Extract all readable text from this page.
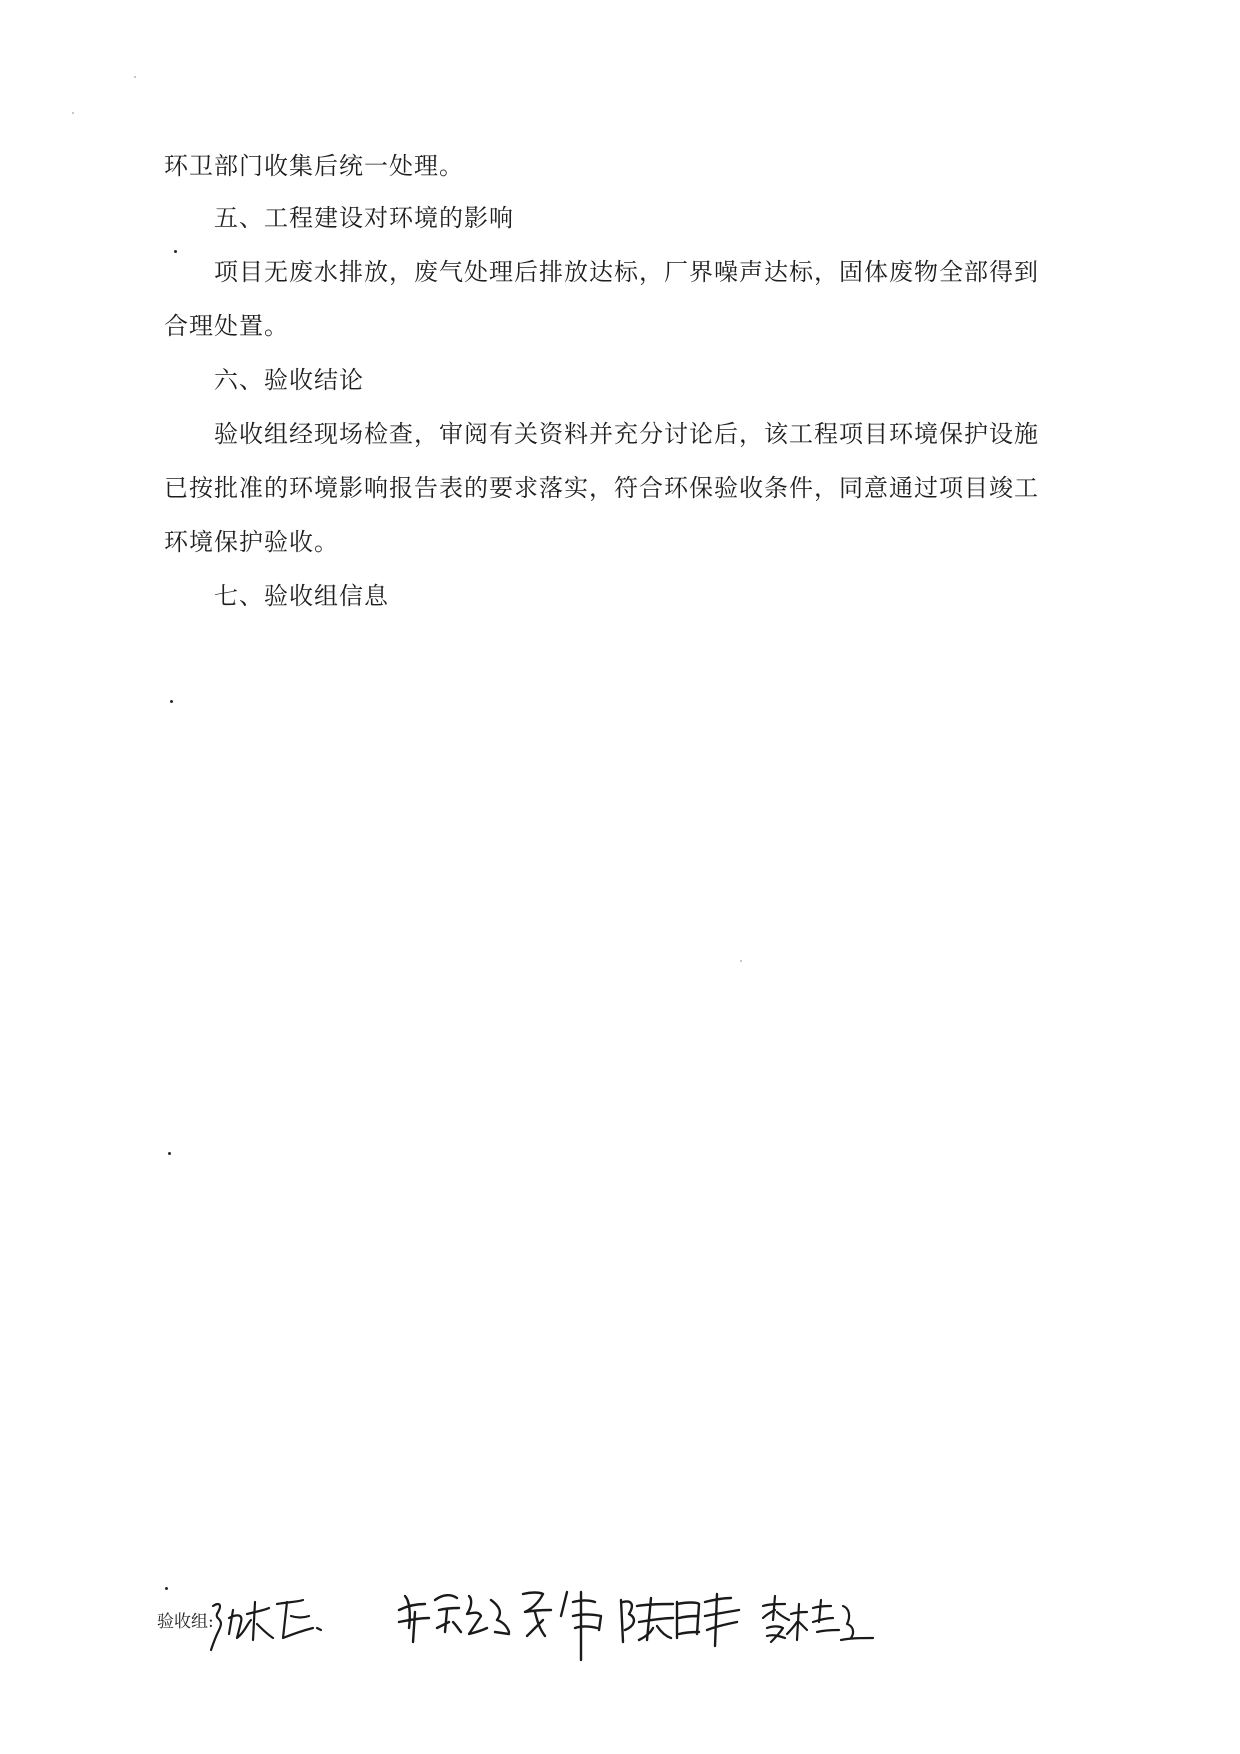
环卫部门收集后统一处理。

五、工程建设对环境的影响

项目无废水排放，废气处理后排放达标，厂界噪声达标，固体废物全部得到

合理处置。

六、验收结论

验收组经现场检查，审阅有关资料并充分讨论后，该工程项目环境保护设施

已按批准的环境影响报告表的要求落实，符合环保验收条件，同意通过项目竣工

环境保护验收。

七、验收组信息

验收组:
